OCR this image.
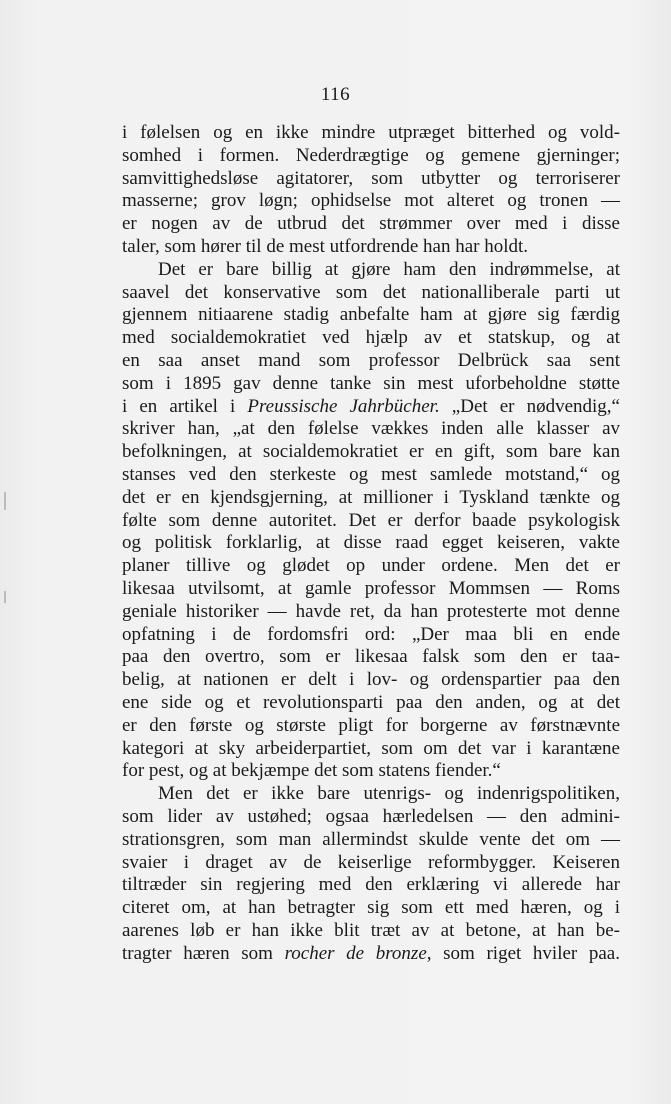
116
i følelsen og en ikke mindre utpræget bitterhed og vold-
somhed i formen. Nederdrægtige og gemene gjerninger;
samvittighedsløse agitatorer, som utbytter og terroriserer
masserne; grov løgn; ophidselse mot alteret og tronen —
er nogen av de utbrud det strømmer over med i disse
taler, som hører til de mest utfordrende han har holdt.
Det er bare billig at gjøre ham den indrømmelse, at
saavel det konservative som det nationalliberale parti ut
gjennem nitiaarene stadig anbefalte ham at gjøre sig færdig
med socialdemokratiet ved hjælp av et statskup, og at
en saa anset mand som professor Delbrück saa sent
som i 1895 gav denne tanke sin mest uforbeholdne støtte
i en artikel i Preussische Jahrbücher. „Det er nødvendig,“
skriver han, „at den følelse vækkes inden alle klasser av
befolkningen, at socialdemokratiet er en gift, som bare kan
stanses ved den sterkeste og mest samlede motstand,“ og
det er en kjendsgjerning, at millioner i Tyskland tænkte og
følte som denne autoritet. Det er derfor baade psykologisk
og politisk forklarlig, at disse raad egget keiseren, vakte
planer tillive og glødet op under ordene. Men det er
likesaa utvilsomt, at gamle professor Mommsen — Roms
geniale historiker — havde ret, da han protesterte mot denne
opfatning i de fordomsfri ord: „Der maa bli en ende
paa den overtro, som er likesaa falsk som den er taa-
belig, at nationen er delt i lov- og ordenspartier paa den
ene side og et revolutionsparti paa den anden, og at det
er den første og største pligt for borgerne av førstnævnte
kategori at sky arbeiderpartiet, som om det var i karantæne
for pest, og at bekjæmpe det som statens fiender.“
Men det er ikke bare utenrigs- og indenrigspolitiken,
som lider av ustøhed; ogsaa hærledelsen — den admini-
strationsgren, som man allermindst skulde vente det om —
svaier i draget av de keiserlige reformbygger. Keiseren
tiltræder sin regjering med den erklæring vi allerede har
citeret om, at han betragter sig som ett med hæren, og i
aarenes løb er han ikke blit træt av at betone, at han be-
tragter hæren som rocher de bronze, som riget hviler paa.
